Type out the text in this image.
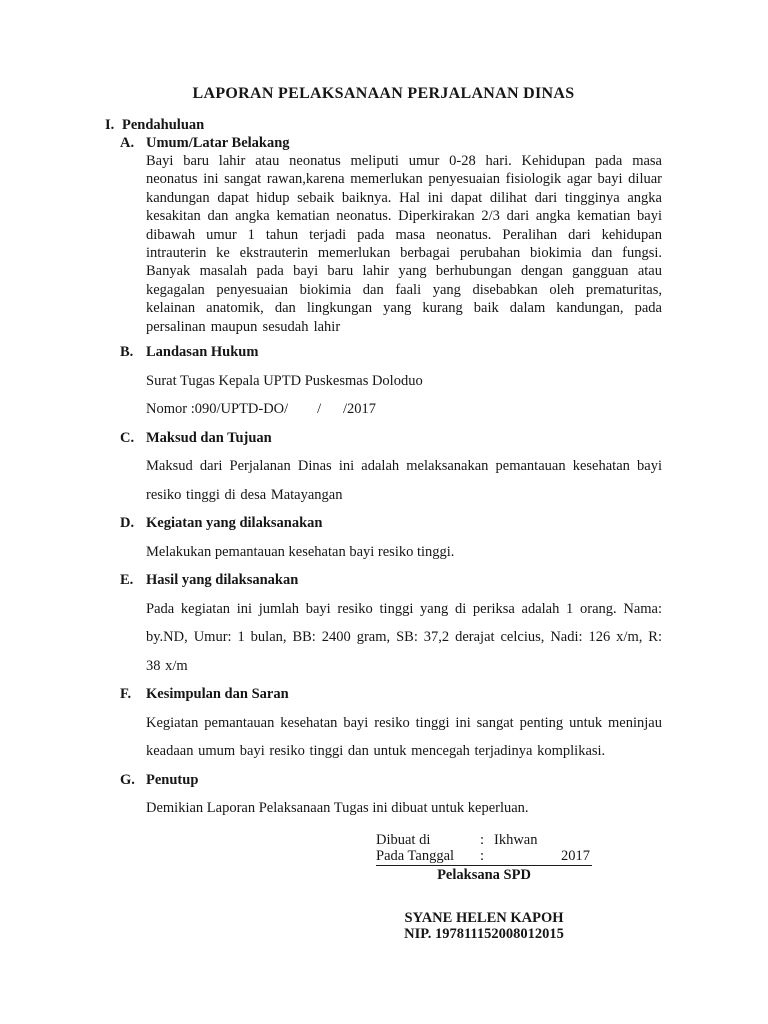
LAPORAN PELAKSANAAN PERJALANAN DINAS
I. Pendahuluan
A. Umum/Latar Belakang

Bayi baru lahir atau neonatus meliputi umur 0-28 hari. Kehidupan pada masa neonatus ini sangat rawan,karena memerlukan penyesuaian fisiologik agar bayi diluar kandungan dapat hidup sebaik baiknya. Hal ini dapat dilihat dari tingginya angka kesakitan dan angka kematian neonatus. Diperkirakan 2/3 dari angka kematian bayi dibawah umur 1 tahun terjadi pada masa neonatus. Peralihan dari kehidupan intrauterin ke ekstrauterin memerlukan berbagai perubahan biokimia dan fungsi. Banyak masalah pada bayi baru lahir yang berhubungan dengan gangguan atau kegagalan penyesuaian biokimia dan faali yang disebabkan oleh prematuritas, kelainan anatomik, dan lingkungan yang kurang baik dalam kandungan, pada persalinan maupun sesudah lahir

B. Landasan Hukum

Surat Tugas Kepala UPTD Puskesmas Doloduo

Nomor :090/UPTD-DO/        /      /2017

C. Maksud dan Tujuan

Maksud dari Perjalanan Dinas ini adalah melaksanakan pemantauan kesehatan bayi resiko tinggi di desa Matayangan

D. Kegiatan yang dilaksanakan

Melakukan pemantauan kesehatan bayi resiko tinggi.

E. Hasil yang dilaksanakan

Pada kegiatan ini jumlah bayi resiko tinggi yang di periksa adalah 1 orang. Nama: by.ND, Umur: 1 bulan, BB: 2400 gram, SB: 37,2 derajat celcius, Nadi: 126 x/m, R: 38 x/m

F.	Kesimpulan dan Saran

Kegiatan pemantauan kesehatan bayi resiko tinggi ini sangat penting untuk meninjau keadaan umum bayi resiko tinggi dan untuk mencegah terjadinya komplikasi.

G. Penutup

Demikian Laporan Pelaksanaan Tugas ini dibuat untuk keperluan.

Dibuat di	: Ikhwan
Pada Tanggal	:	2017
Pelaksana SPD
SYANE HELEN KAPOH
NIP. 197811152008012015
